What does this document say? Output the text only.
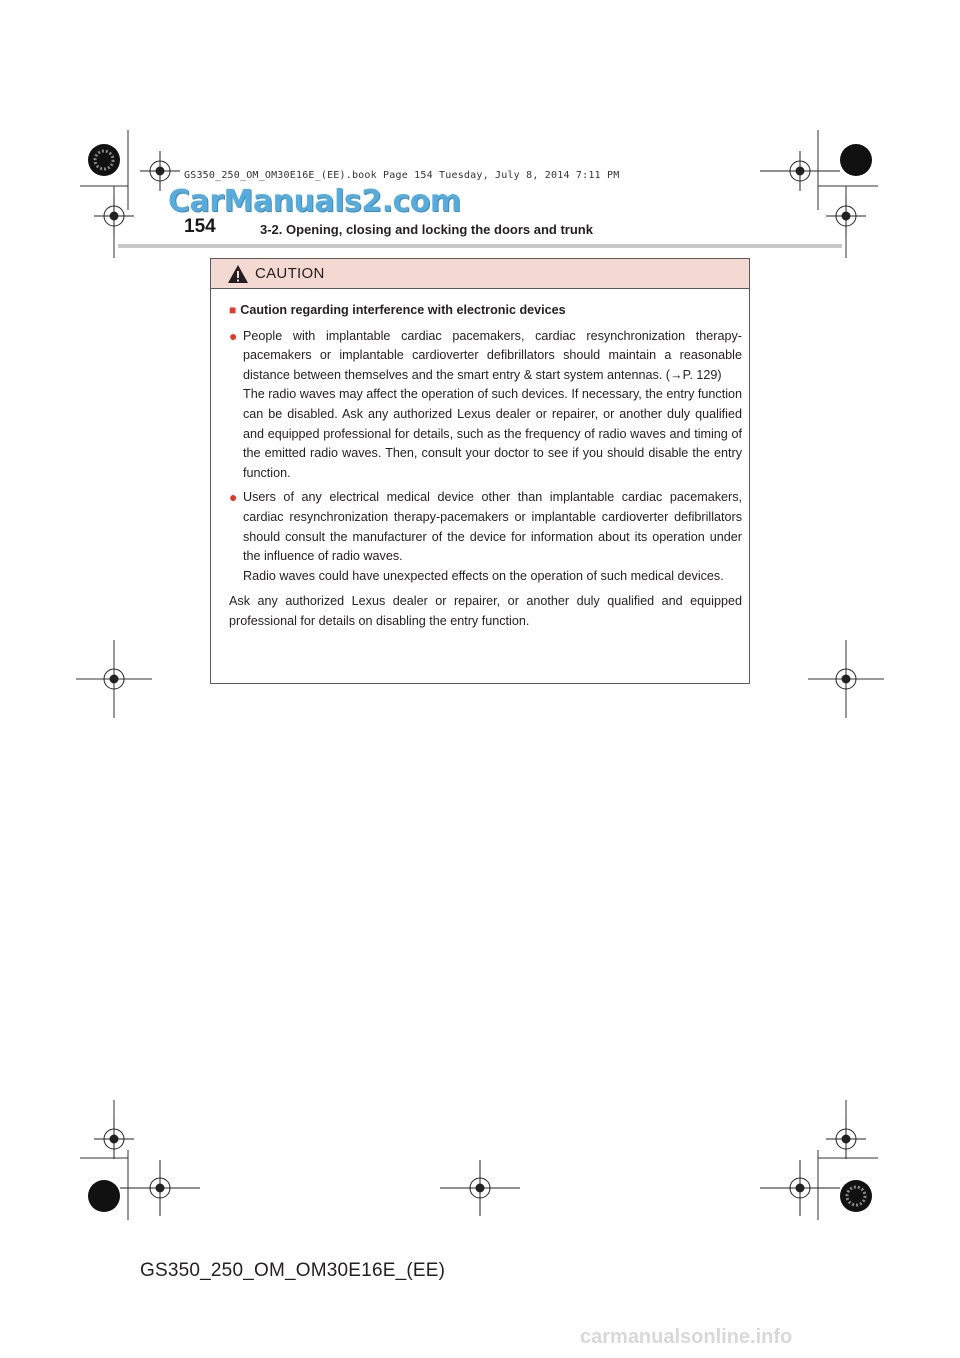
GS350_250_OM_OM30E16E_(EE).book Page 154 Tuesday, July 8, 2014 7:11 PM
CarManuals2.com
154	3-2. Opening, closing and locking the doors and trunk
CAUTION
■ Caution regarding interference with electronic devices
● People with implantable cardiac pacemakers, cardiac resynchronization therapy-pacemakers or implantable cardioverter defibrillators should maintain a reasonable distance between themselves and the smart entry & start system antennas. (→P. 129)

The radio waves may affect the operation of such devices. If necessary, the entry function can be disabled. Ask any authorized Lexus dealer or repairer, or another duly qualified and equipped professional for details, such as the frequency of radio waves and timing of the emitted radio waves. Then, consult your doctor to see if you should disable the entry function.

● Users of any electrical medical device other than implantable cardiac pacemakers, cardiac resynchronization therapy-pacemakers or implantable cardioverter defibrillators should consult the manufacturer of the device for information about its operation under the influence of radio waves.

Radio waves could have unexpected effects on the operation of such medical devices.

Ask any authorized Lexus dealer or repairer, or another duly qualified and equipped professional for details on disabling the entry function.
GS350_250_OM_OM30E16E_(EE)
carmanualsonline.info
